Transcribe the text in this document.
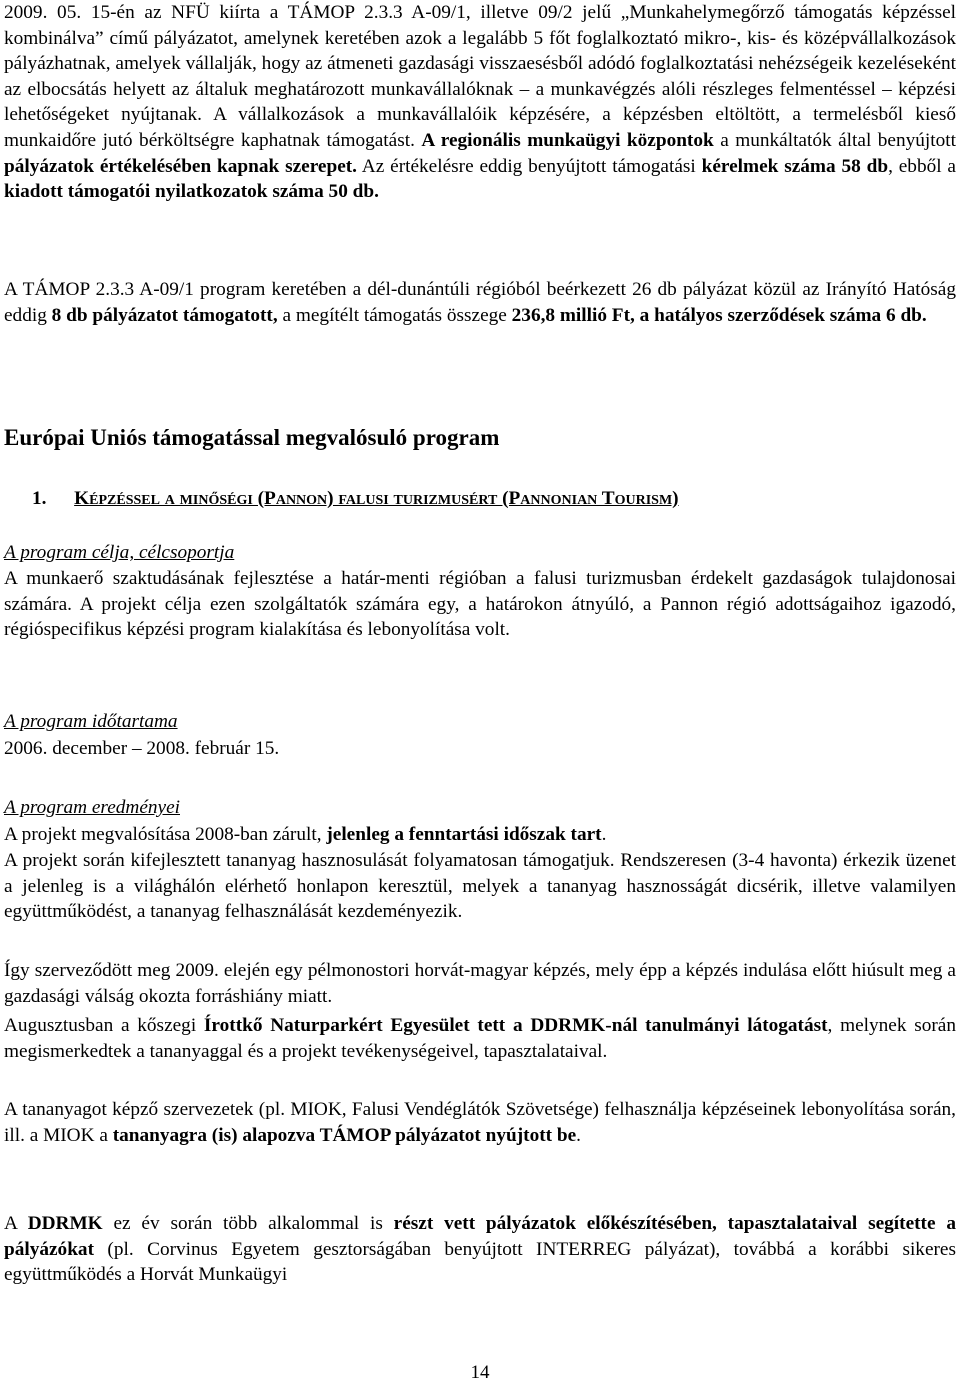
2009. 05. 15-én az NFÜ kiírta a TÁMOP 2.3.3 A-09/1, illetve 09/2 jelű „Munkahelymegőrző támogatás képzéssel kombinálva” című pályázatot, amelynek keretében azok a legalább 5 főt foglalkoztató mikro-, kis- és középvállalkozások pályázhatnak, amelyek vállalják, hogy az átmeneti gazdasági visszaesésből adódó foglalkoztatási nehézségeik kezeléseként az elbocsátás helyett az általuk meghatározott munkavállalóknak – a munkavégzés alóli részleges felmentéssel – képzési lehetőségeket nyújtanak. A vállalkozások a munkavállalóik képzésére, a képzésben eltöltött, a termelésből kieső munkaidőre jutó bérköltségre kaphatnak támogatást. A regionális munkaügyi központok a munkáltatók által benyújtott pályázatok értékelésében kapnak szerepet. Az értékelésre eddig benyújtott támogatási kérelmek száma 58 db, ebből a kiadott támogatói nyilatkozatok száma 50 db.

A TÁMOP 2.3.3 A-09/1 program keretében a dél-dunántúli régióból beérkezett 26 db pályázat közül az Irányító Hatóság eddig 8 db pályázatot támogatott, a megítélt támogatás összege 236,8 millió Ft, a hatályos szerződések száma 6 db.

Európai Uniós támogatással megvalósuló program

1. Képzéssel a minőségi (Pannon) falusi turizmusért (Pannonian Tourism)

A program célja, célcsoportja

A munkaerő szaktudásának fejlesztése a határ-menti régióban a falusi turizmusban érdekelt gazdaságok tulajdonosai számára. A projekt célja ezen szolgáltatók számára egy, a határokon átnyúló, a Pannon régió adottságaihoz igazodó, régióspecifikus képzési program kialakítása és lebonyolítása volt.

A program időtartama

2006. december – 2008. február 15.

A program eredményei

A projekt megvalósítása 2008-ban zárult, jelenleg a fenntartási időszak tart.

A projekt során kifejlesztett tananyag hasznosulását folyamatosan támogatjuk. Rendszeresen (3-4 havonta) érkezik üzenet a jelenleg is a világhálón elérhető honlapon keresztül, melyek a tananyag hasznosságát dicsérik, illetve valamilyen együttműködést, a tananyag felhasználását kezdeményezik.

Így szerveződött meg 2009. elején egy pélmonostori horvát-magyar képzés, mely épp a képzés indulása előtt hiúsult meg a gazdasági válság okozta forráshiány miatt.

Augusztusban a kőszegi Írottkő Naturparkért Egyesület tett a DDRMK-nál tanulmányi látogatást, melynek során megismerkedtek a tananyaggal és a projekt tevékenységeivel, tapasztalataival.

A tananyagot képző szervezetek (pl. MIOK, Falusi Vendéglátók Szövetsége) felhasználja képzéseinek lebonyolítása során, ill. a MIOK a tananyagra (is) alapozva TÁMOP pályázatot nyújtott be.

A DDRMK ez év során több alkalommal is részt vett pályázatok előkészítésében, tapasztalataival segítette a pályázókat (pl. Corvinus Egyetem gesztorságában benyújtott INTERREG pályázat), továbbá a korábbi sikeres együttműködés a Horvát Munkaügyi

14
